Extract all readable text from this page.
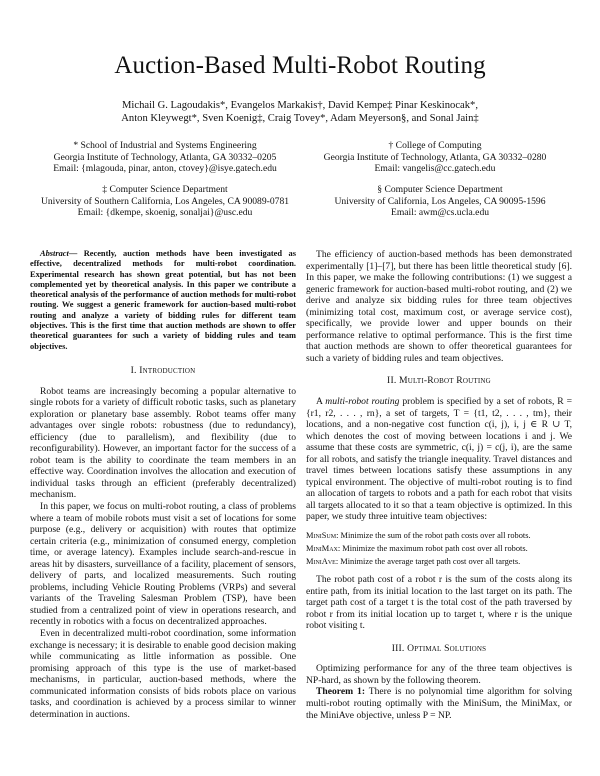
Auction-Based Multi-Robot Routing
Michail G. Lagoudakis*, Evangelos Markakis†, David Kempe‡ Pinar Keskinocak*,
Anton Kleywegt*, Sven Koenig‡, Craig Tovey*, Adam Meyerson§, and Sonal Jain‡
* School of Industrial and Systems Engineering
Georgia Institute of Technology, Atlanta, GA 30332–0205
Email: {mlagouda, pinar, anton, ctovey}@isye.gatech.edu
† College of Computing
Georgia Institute of Technology, Atlanta, GA 30332–0280
Email: vangelis@cc.gatech.edu
‡ Computer Science Department
University of Southern California, Los Angeles, CA 90089-0781
Email: {dkempe, skoenig, sonaljai}@usc.edu
§ Computer Science Department
University of California, Los Angeles, CA 90095-1596
Email: awm@cs.ucla.edu

Abstract— Recently, auction methods have been investigated as effective, decentralized methods for multi-robot coordination. Experimental research has shown great potential, but has not been complemented yet by theoretical analysis. In this paper we contribute a theoretical analysis of the performance of auction methods for multi-robot routing. We suggest a generic framework for auction-based multi-robot routing and analyze a variety of bidding rules for different team objectives. This is the first time that auction methods are shown to offer theoretical guarantees for such a variety of bidding rules and team objectives.

I. Introduction

Robot teams are increasingly becoming a popular alternative to single robots for a variety of difficult robotic tasks, such as planetary exploration or planetary base assembly. Robot teams offer many advantages over single robots: robustness (due to redundancy), efficiency (due to parallelism), and flexibility (due to reconfigurability). However, an important factor for the success of a robot team is the ability to coordinate the team members in an effective way. Coordination involves the allocation and execution of individual tasks through an efficient (preferably decentralized) mechanism.

In this paper, we focus on multi-robot routing, a class of problems where a team of mobile robots must visit a set of locations for some purpose (e.g., delivery or acquisition) with routes that optimize certain criteria (e.g., minimization of consumed energy, completion time, or average latency). Examples include search-and-rescue in areas hit by disasters, surveillance of a facility, placement of sensors, delivery of parts, and localized measurements. Such routing problems, including Vehicle Routing Problems (VRPs) and several variants of the Traveling Salesman Problem (TSP), have been studied from a centralized point of view in operations research, and recently in robotics with a focus on decentralized approaches.

Even in decentralized multi-robot coordination, some information exchange is necessary; it is desirable to enable good decision making while communicating as little information as possible. One promising approach of this type is the use of market-based mechanisms, in particular, auction-based methods, where the communicated information consists of bids robots place on various tasks, and coordination is achieved by a process similar to winner determination in auctions.

The efficiency of auction-based methods has been demonstrated experimentally [1]–[7], but there has been little theoretical study [6]. In this paper, we make the following contributions: (1) we suggest a generic framework for auction-based multi-robot routing, and (2) we derive and analyze six bidding rules for three team objectives (minimizing total cost, maximum cost, or average service cost), specifically, we provide lower and upper bounds on their performance relative to optimal performance. This is the first time that auction methods are shown to offer theoretical guarantees for such a variety of bidding rules and team objectives.

II. Multi-Robot Routing

A multi-robot routing problem is specified by a set of robots, R = {r1, r2, . . . , rn}, a set of targets, T = {t1, t2, . . . , tm}, their locations, and a non-negative cost function c(i, j), i, j ∈ R ∪ T, which denotes the cost of moving between locations i and j. We assume that these costs are symmetric, c(i, j) = c(j, i), are the same for all robots, and satisfy the triangle inequality. Travel distances and travel times between locations satisfy these assumptions in any typical environment. The objective of multi-robot routing is to find an allocation of targets to robots and a path for each robot that visits all targets allocated to it so that a team objective is optimized. In this paper, we study three intuitive team objectives:

MiniSum: Minimize the sum of the robot path costs over all robots.
MiniMax: Minimize the maximum robot path cost over all robots.
MiniAve: Minimize the average target path cost over all targets.

The robot path cost of a robot r is the sum of the costs along its entire path, from its initial location to the last target on its path. The target path cost of a target t is the total cost of the path traversed by robot r from its initial location up to target t, where r is the unique robot visiting t.

III. Optimal Solutions

Optimizing performance for any of the three team objectives is NP-hard, as shown by the following theorem.

Theorem 1: There is no polynomial time algorithm for solving multi-robot routing optimally with the MiniSum, the MiniMax, or the MiniAve objective, unless P = NP.
